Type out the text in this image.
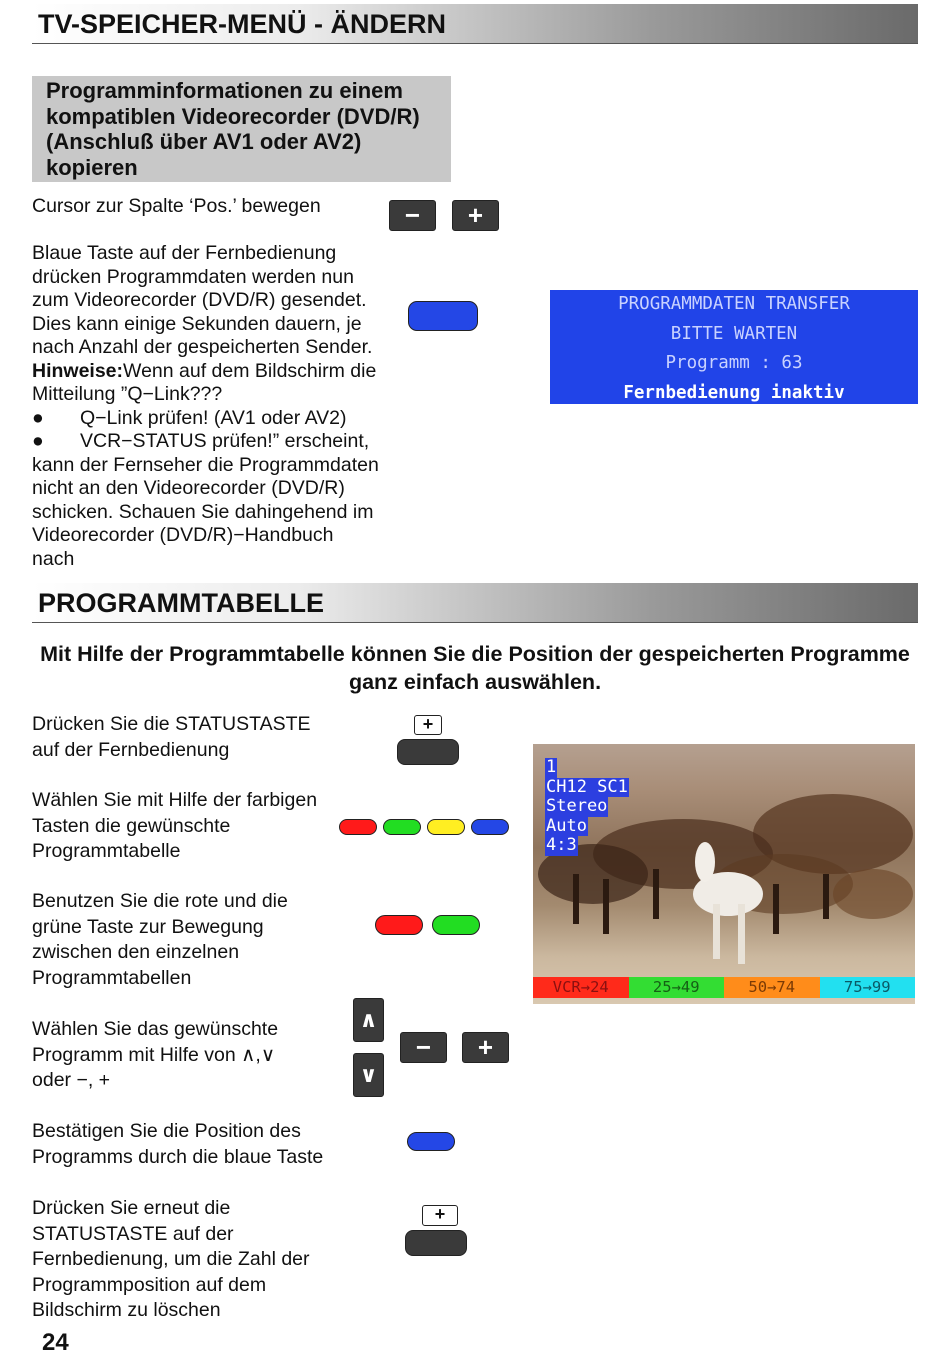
TV-SPEICHER-MENÜ - ÄNDERN
Programminformationen zu einem kompatiblen Videorecorder (DVD/R) (Anschluß über AV1 oder AV2) kopieren
Cursor zur Spalte ‘Pos.’ bewegen	−	+
Blaue Taste auf der Fernbedienung
drücken Programmdaten werden nun
zum Videorecorder (DVD/R) gesendet.
Dies kann einige Sekunden dauern, je
nach Anzahl der gespeicherten Sender.
Hinweise:Wenn auf dem Bildschirm die
Mitteilung ”Q−Link???
● Q−Link prüfen! (AV1 oder AV2)
● VCR−STATUS prüfen!” erscheint,
kann der Fernseher die Programmdaten
nicht an den Videorecorder (DVD/R)
schicken. Schauen Sie dahingehend im
Videorecorder (DVD/R)−Handbuch
nach
PROGRAMMDATEN TRANSFER
BITTE WARTEN
Programm : 63
Fernbedienung inaktiv
PROGRAMMTABELLE
Mit Hilfe der Programmtabelle können Sie die Position der gespeicherten Programme ganz einfach auswählen.
Drücken Sie die STATUSTASTE
auf der Fernbedienung
+
Wählen Sie mit Hilfe der farbigen
Tasten die gewünschte
Programmtabelle
Benutzen Sie die rote und die
grüne Taste zur Bewegung
zwischen den einzelnen
Programmtabellen
Wählen Sie das gewünschte
Programm mit Hilfe von ∧,∨
oder −, +
∧
∨
−	+
Bestätigen Sie die Position des
Programms durch die blaue Taste
Drücken Sie erneut die
STATUSTASTE auf der
Fernbedienung, um die Zahl der
Programmposition auf dem
Bildschirm zu löschen
+
1
CH12 SC1
Stereo
Auto
4:3
VCR→24	25→49	50→74	75→99
24
